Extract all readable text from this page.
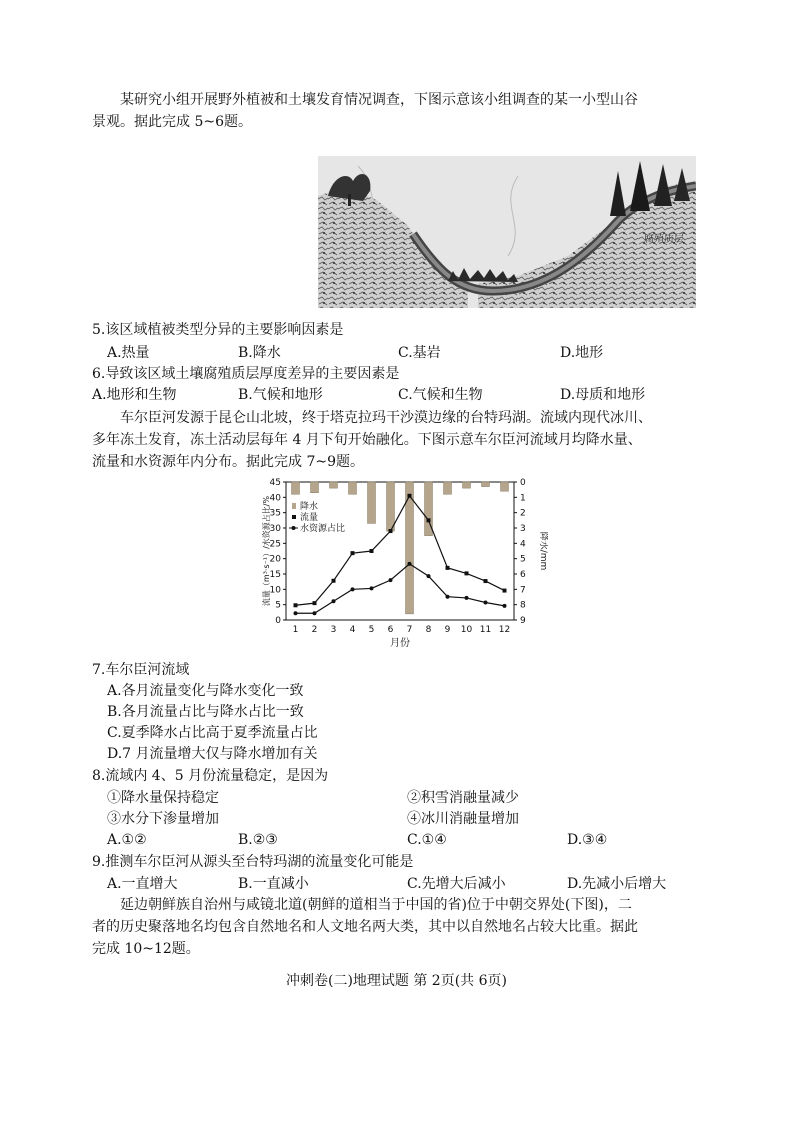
某研究小组开展野外植被和土壤发育情况调查，下图示意该小组调查的某一小型山谷
景观。据此完成 5~6题。
腐殖质层
5.该区域植被类型分异的主要影响因素是
A.热量	B.降水	C.基岩	D.地形
6.导致该区域土壤腐殖质层厚度差异的主要因素是
A.地形和生物	B.气候和地形	C.气候和生物	D.母质和地形
车尔臣河发源于昆仑山北坡，终于塔克拉玛干沙漠边缘的台特玛湖。流域内现代冰川、
多年冻土发育，冻土活动层每年 4 月下旬开始融化。下图示意车尔臣河流域月均降水量、
流量和水资源年内分布。据此完成 7~9题。
0
5
10
15
20
25
30
35
40
45	0
1
2
3
4
5
6
7
8
9
1 2 3 4 5 6 7 8 9 10 11 12
月份
流量（m³·s⁻¹）/水资源占比/%	降水/mm
降水
流量
水资源占比
7.车尔臣河流域
A.各月流量变化与降水变化一致
B.各月流量占比与降水占比一致
C.夏季降水占比高于夏季流量占比
D.7 月流量增大仅与降水增加有关
8.流域内 4、5 月份流量稳定，是因为
①降水量保持稳定	②积雪消融量减少
③水分下渗量增加	④冰川消融量增加
A.①②	B.②③	C.①④	D.③④
9.推测车尔臣河从源头至台特玛湖的流量变化可能是
A.一直增大	B.一直减小	C.先增大后减小	D.先减小后增大
延边朝鲜族自治州与咸镜北道(朝鲜的道相当于中国的省)位于中朝交界处(下图)，二
者的历史聚落地名均包含自然地名和人文地名两大类，其中以自然地名占较大比重。据此
完成 10~12题。
冲刺卷(二)地理试题 第 2页(共 6页)
